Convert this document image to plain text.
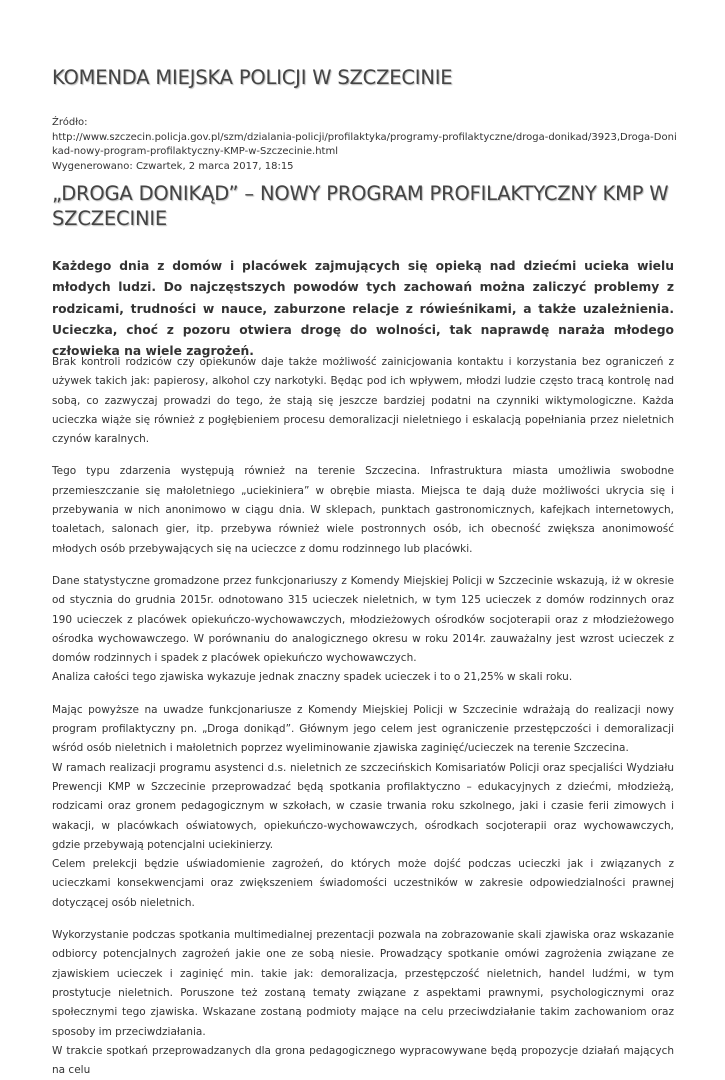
KOMENDA MIEJSKA POLICJI W SZCZECINIE
Źródło:
http://www.szczecin.policja.gov.pl/szm/dzialania-policji/profilaktyka/programy-profilaktyczne/droga-donikad/3923,Droga-Doni
kad-nowy-program-profilaktyczny-KMP-w-Szczecinie.html
Wygenerowano: Czwartek, 2 marca 2017, 18:15
„DROGA DONIKĄD” – NOWY PROGRAM PROFILAKTYCZNY KMP W SZCZECINIE

Każdego dnia z domów i placówek zajmujących się opieką nad dziećmi ucieka wielu młodych ludzi. Do najczęstszych powodów tych zachowań można zaliczyć problemy z rodzicami, trudności w nauce, zaburzone relacje z rówieśnikami, a także uzależnienia. Ucieczka, choć z pozoru otwiera drogę do wolności, tak naprawdę naraża młodego człowieka na wiele zagrożeń.

Brak kontroli rodziców czy opiekunów daje także możliwość zainicjowania kontaktu i korzystania bez ograniczeń z używek takich jak: papierosy, alkohol czy narkotyki. Będąc pod ich wpływem, młodzi ludzie często tracą kontrolę nad sobą, co zazwyczaj prowadzi do tego, że stają się jeszcze bardziej podatni na czynniki wiktymologiczne. Każda ucieczka wiąże się również z pogłębieniem procesu demoralizacji nieletniego i eskalacją popełniania przez nieletnich czynów karalnych.

Tego typu zdarzenia występują również na terenie Szczecina. Infrastruktura miasta umożliwia swobodne przemieszczanie się małoletniego „uciekiniera” w obrębie miasta. Miejsca te dają duże możliwości ukrycia się i przebywania w nich anonimowo w ciągu dnia. W sklepach, punktach gastronomicznych, kafejkach internetowych, toaletach, salonach gier, itp. przebywa również wiele postronnych osób, ich obecność zwiększa anonimowość młodych osób przebywających się na ucieczce z domu rodzinnego lub placówki.

Dane statystyczne gromadzone przez funkcjonariuszy z Komendy Miejskiej Policji w Szczecinie wskazują, iż w okresie od stycznia do grudnia 2015r. odnotowano 315 ucieczek nieletnich, w tym 125 ucieczek z domów rodzinnych oraz 190 ucieczek z placówek opiekuńczo-wychowawczych, młodzieżowych ośrodków socjoterapii oraz z młodzieżowego ośrodka wychowawczego. W porównaniu do analogicznego okresu w roku 2014r. zauważalny jest wzrost ucieczek z domów rodzinnych i spadek z placówek opiekuńczo wychowawczych.

Analiza całości tego zjawiska wykazuje jednak znaczny spadek ucieczek i to o 21,25% w skali roku.

Mając powyższe na uwadze funkcjonariusze z Komendy Miejskiej Policji w Szczecinie wdrażają do realizacji nowy program profilaktyczny pn. „Droga donikąd”. Głównym jego celem jest ograniczenie przestępczości i demoralizacji wśród osób nieletnich i małoletnich poprzez wyeliminowanie zjawiska zaginięć/ucieczek na terenie Szczecina.

W ramach realizacji programu asystenci d.s. nieletnich ze szczecińskich Komisariatów Policji oraz specjaliści Wydziału Prewencji KMP w Szczecinie przeprowadzać będą spotkania profilaktyczno – edukacyjnych z dziećmi, młodzieżą, rodzicami oraz gronem pedagogicznym w szkołach, w czasie trwania roku szkolnego, jaki i czasie ferii zimowych i wakacji, w placówkach oświatowych, opiekuńczo-wychowawczych, ośrodkach socjoterapii oraz wychowawczych, gdzie przebywają potencjalni uciekinierzy.

Celem prelekcji będzie uświadomienie zagrożeń, do których może dojść podczas ucieczki jak i związanych z ucieczkami konsekwencjami oraz zwiększeniem świadomości uczestników w zakresie odpowiedzialności prawnej dotyczącej osób nieletnich.

Wykorzystanie podczas spotkania multimedialnej prezentacji pozwala na zobrazowanie skali zjawiska oraz wskazanie odbiorcy potencjalnych zagrożeń jakie one ze sobą niesie. Prowadzący spotkanie omówi zagrożenia związane ze zjawiskiem ucieczek i zaginięć min. takie jak: demoralizacja, przestępczość nieletnich, handel ludźmi, w tym prostytucje nieletnich. Poruszone też zostaną tematy związane z aspektami prawnymi, psychologicznymi oraz społecznymi tego zjawiska. Wskazane zostaną podmioty mające na celu przeciwdziałanie takim zachowaniom oraz sposoby im przeciwdziałania.

W trakcie spotkań przeprowadzanych dla grona pedagogicznego wypracowywane będą propozycje działań mających na celu
